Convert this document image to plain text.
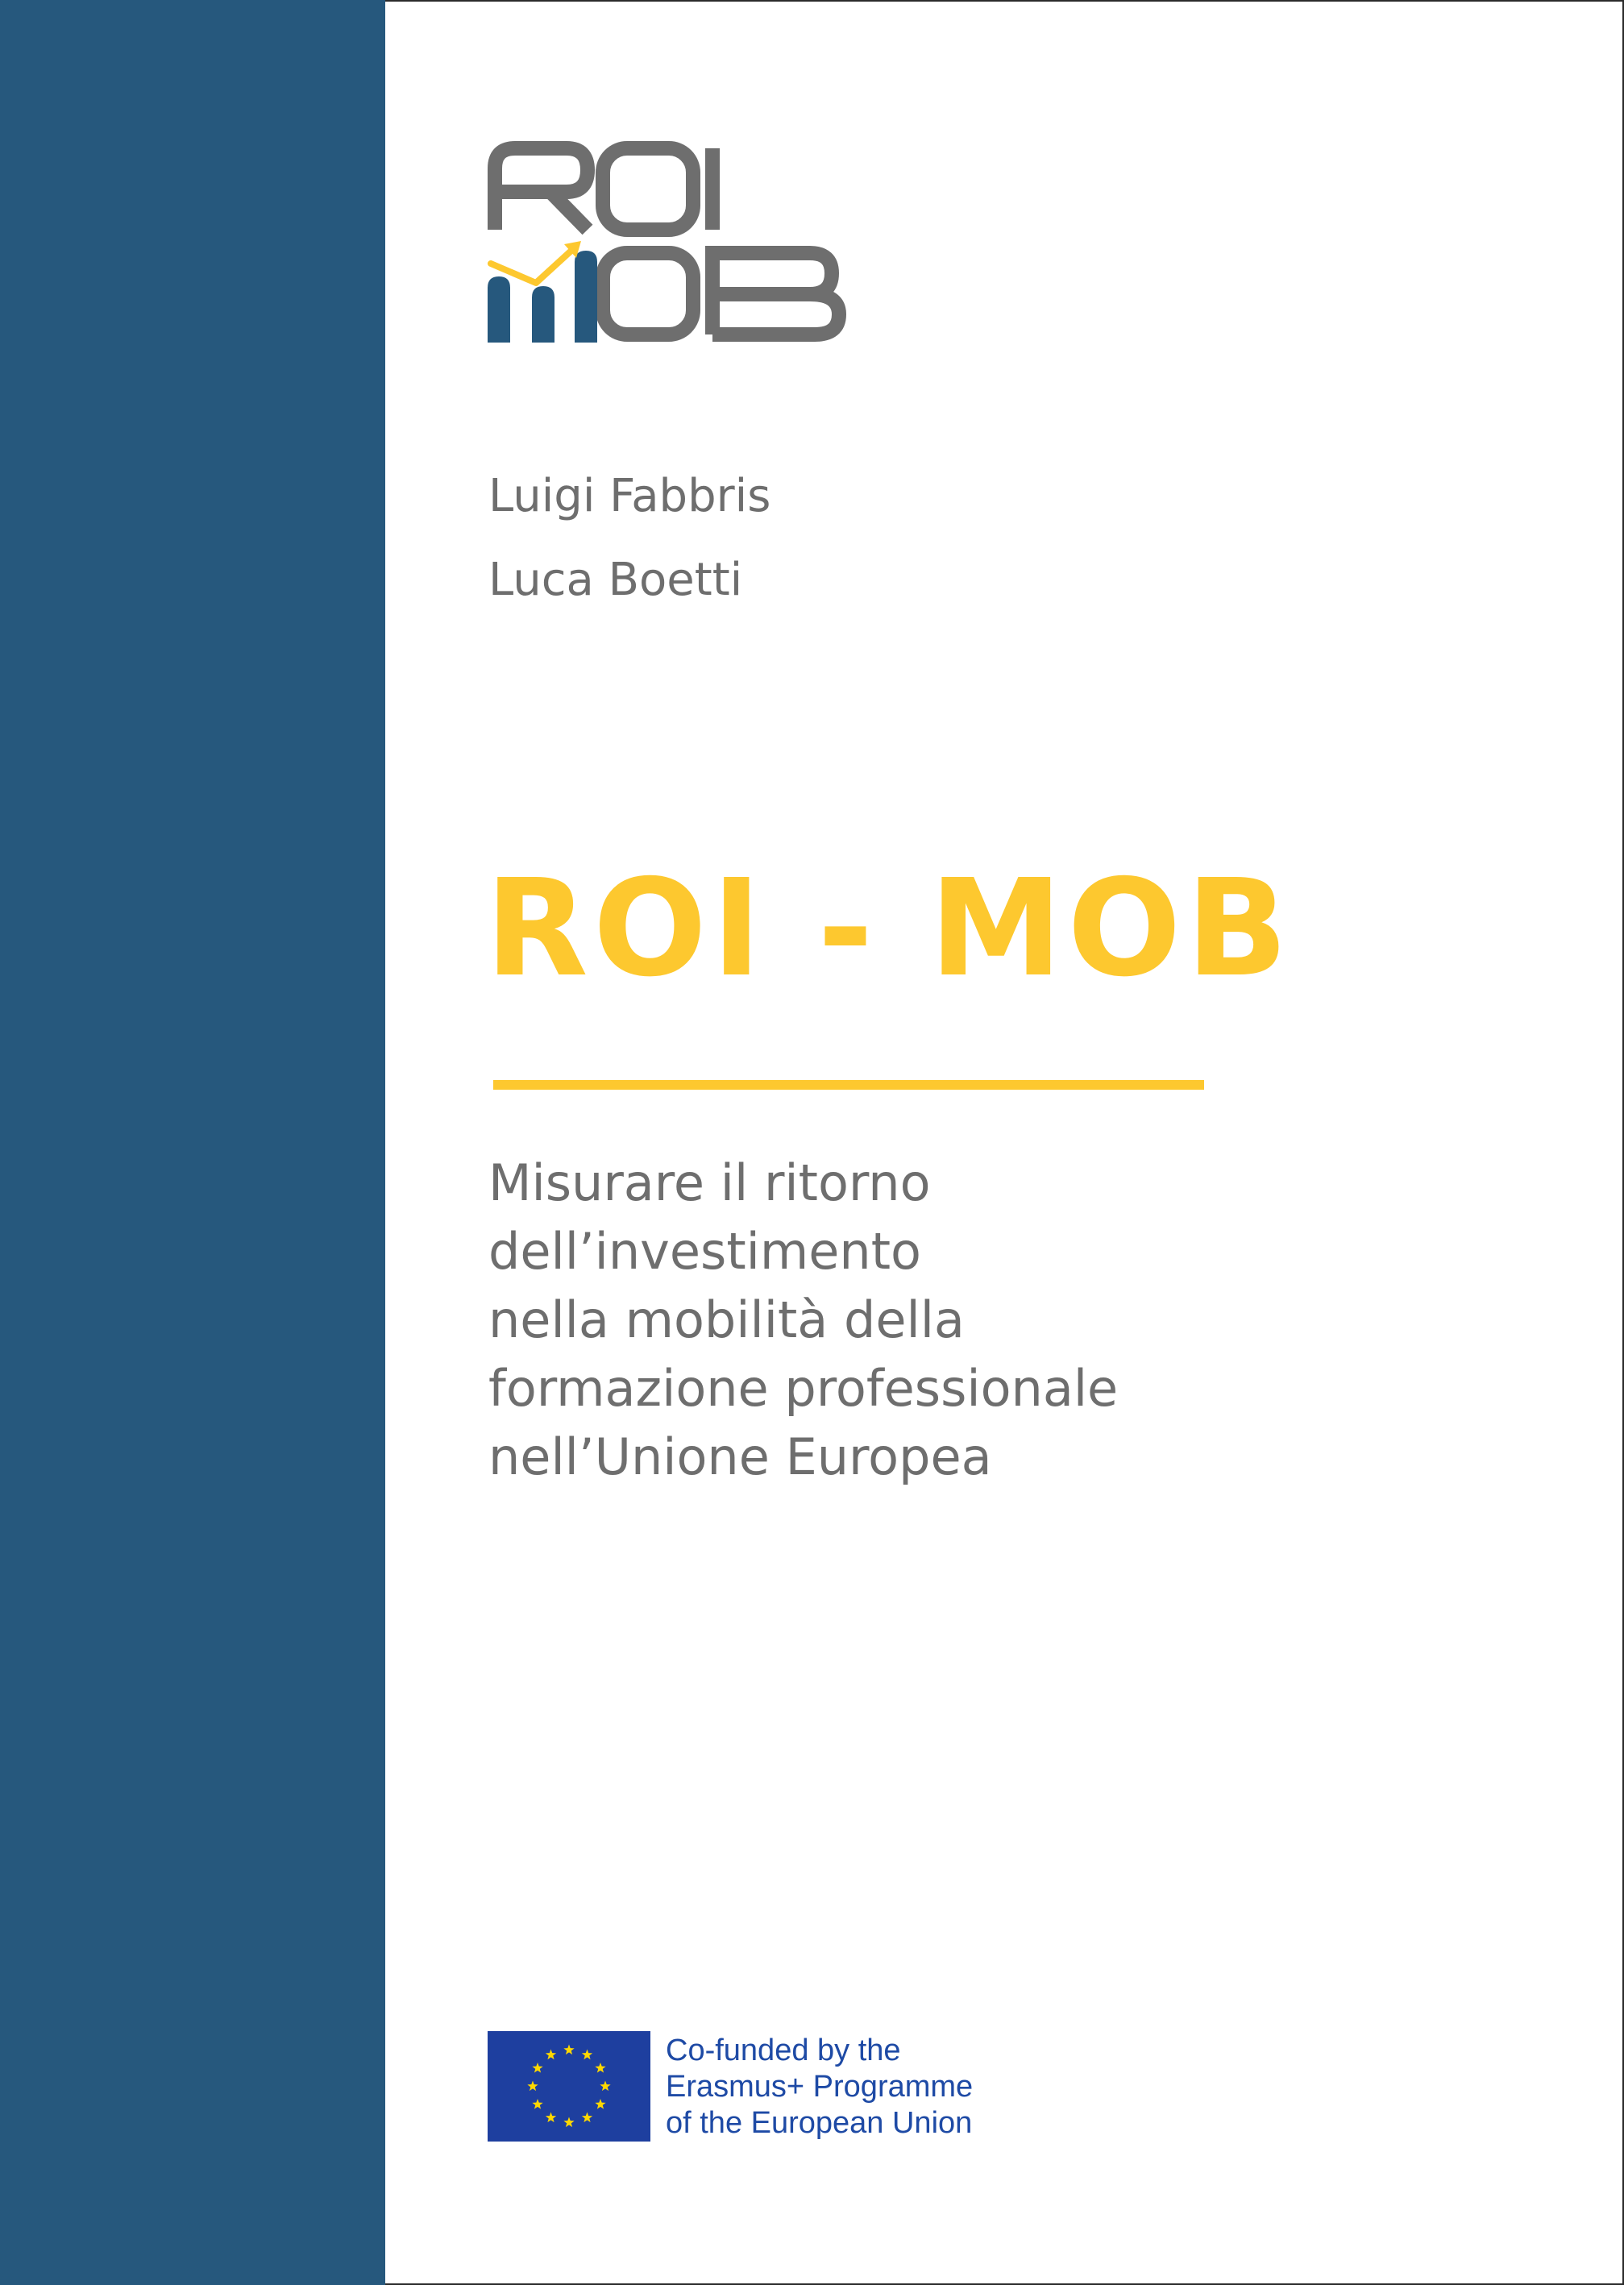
Luigi Fabbris
Luca Boetti
ROI - MOB
Misurare il ritorno
dell’investimento
nella mobilità della
formazione professionale
nell’Unione Europea
Co-funded by the
Erasmus+ Programme
of the European Union
